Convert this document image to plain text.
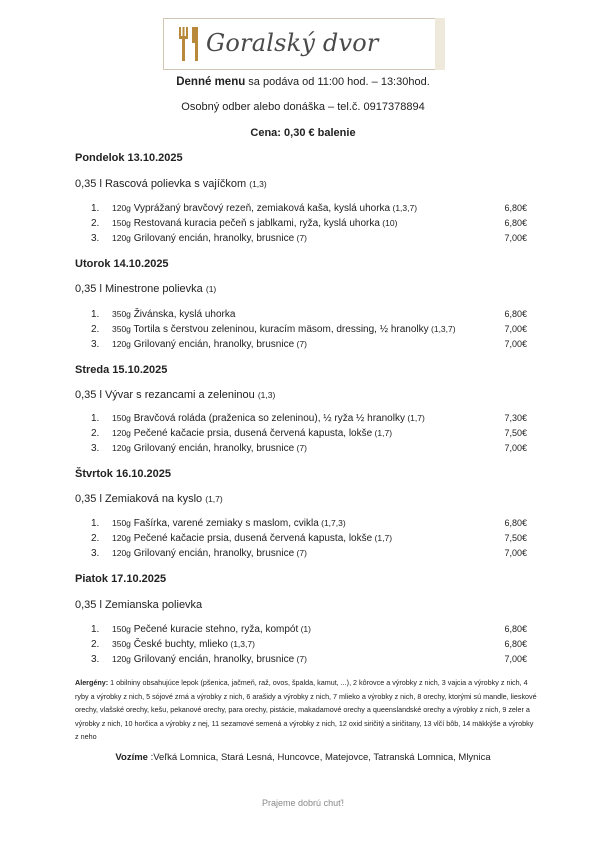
Goralský dvor
Denné menu sa podáva od 11:00 hod. – 13:30hod.
Osobný odber alebo donáška – tel.č. 0917378894
Cena: 0,30 € balenie
Pondelok 13.10.2025
0,35 l Rascová polievka s vajíčkom (1,3)
1. 120g Vyprážaný bravčový rezeň, zemiaková kaša, kyslá uhorka (1,3,7)	6,80€
2. 150g Restovaná kuracia pečeň s jablkami, ryža, kyslá uhorka (10)	6,80€
3. 120g Grilovaný encián, hranolky, brusnice (7)	7,00€
Utorok 14.10.2025
0,35 l Minestrone polievka (1)
1. 350g Živánska, kyslá uhorka	6,80€
2. 350g Tortila s čerstvou zeleninou, kuracím mäsom, dressing, ½ hranolky (1,3,7)	7,00€
3. 120g Grilovaný encián, hranolky, brusnice (7)	7,00€
Streda 15.10.2025
0,35 l Vývar s rezancami a zeleninou (1,3)
1. 150g Bravčová roláda (praženica so zeleninou), ½ ryža ½ hranolky (1,7)	7,30€
2. 120g Pečené kačacie prsia, dusená červená kapusta, lokše (1,7)	7,50€
3. 120g Grilovaný encián, hranolky, brusnice (7)	7,00€
Štvrtok 16.10.2025
0,35 l Zemiaková na kyslo (1,7)
1. 150g Fašírka, varené zemiaky s maslom, cvikla (1,7,3)	6,80€
2. 120g Pečené kačacie prsia, dusená červená kapusta, lokše (1,7)	7,50€
3. 120g Grilovaný encián, hranolky, brusnice (7)	7,00€
Piatok 17.10.2025
0,35 l Zemianska polievka
1. 150g Pečené kuracie stehno, ryža, kompót (1)	6,80€
2. 350g České buchty, mlieko (1,3,7)	6,80€
3. 120g Grilovaný encián, hranolky, brusnice (7)	7,00€
Alergény: 1 obilniny obsahujúce lepok (pšenica, jačmeň, raž, ovos, špalda, kamut, ...), 2 kôrovce a výrobky z nich, 3 vajcia a výrobky z nich, 4 ryby a výrobky z nich, 5 sójové zrná a výrobky z nich, 6 arašidy a výrobky z nich, 7 mlieko a výrobky z nich, 8 orechy, ktorými sú mandle, lieskové orechy, vlašské orechy, kešu, pekanové orechy, para orechy, pistácie, makadamové orechy a queenslandské orechy a výrobky z nich, 9 zeler a výrobky z nich, 10 horčica a výrobky z nej, 11 sezamové semená a výrobky z nich, 12 oxid siričitý a siričitany, 13 vlčí bôb, 14 mäkkýše a výrobky z neho
Vozíme :Veľká Lomnica, Stará Lesná, Huncovce, Matejovce, Tatranská Lomnica, Mlynica
Prajeme dobrú chuť!
